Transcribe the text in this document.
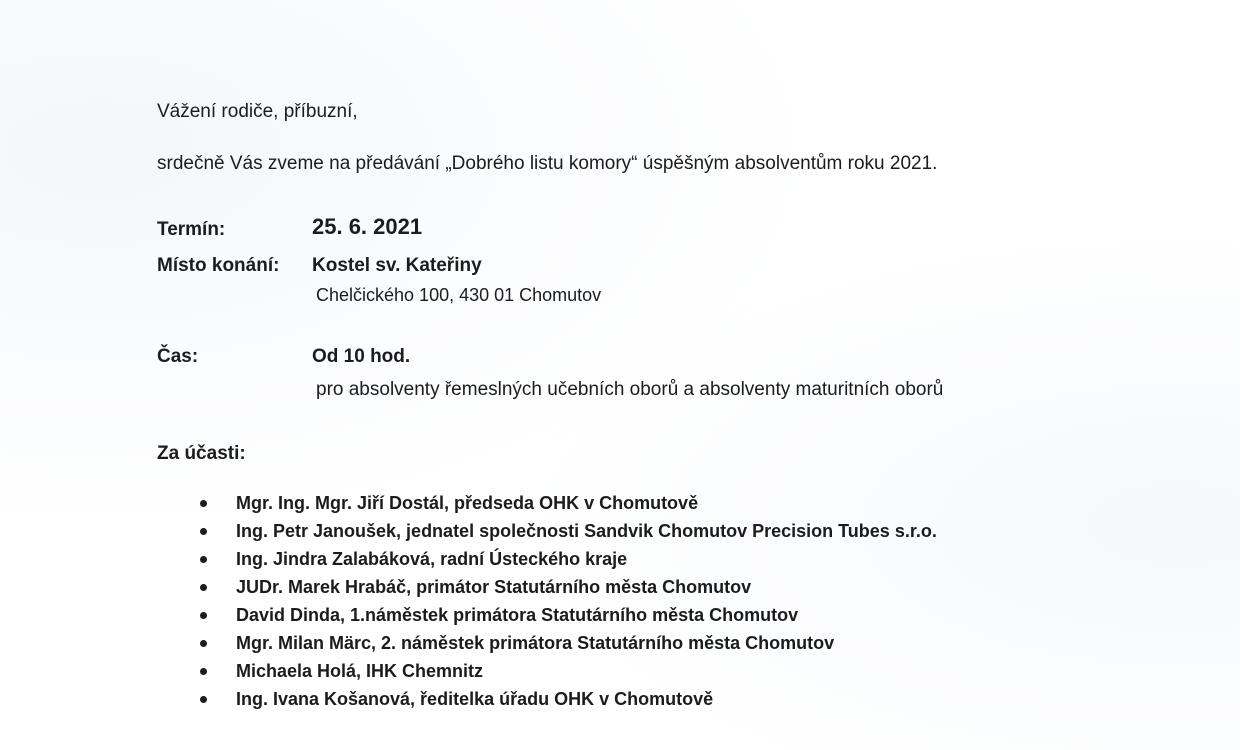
Vážení rodiče, příbuzní,
srdečně Vás zveme na předávání „Dobrého listu komory“ úspěšným absolventům roku 2021.
Termín:	25. 6. 2021
Místo konání: Kostel sv. Kateřiny
Chelčického 100, 430 01 Chomutov
Čas:	Od 10 hod.
pro absolventy řemeslných učebních oborů a absolventy maturitních oborů
Za účasti:
Mgr. Ing. Mgr. Jiří Dostál, předseda OHK v Chomutově
Ing. Petr Janoušek, jednatel společnosti Sandvik Chomutov Precision Tubes s.r.o.
Ing. Jindra Zalabáková, radní Ústeckého kraje
JUDr. Marek Hrabáč, primátor Statutárního města Chomutov
David Dinda, 1.náměstek primátora Statutárního města Chomutov
Mgr. Milan Märc, 2. náměstek primátora Statutárního města Chomutov
Michaela Holá, IHK Chemnitz
Ing. Ivana Košanová, ředitelka úřadu OHK v Chomutově
